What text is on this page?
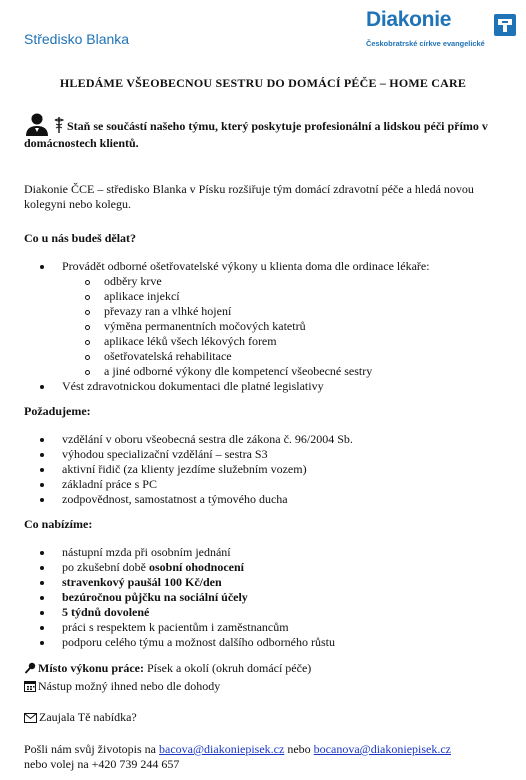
Středisko Blanka
Diakonie
Českobratrské církve evangelické
HLEDÁME VŠEOBECNOU SESTRU DO DOMÁCÍ PÉČE – HOME CARE
Staň se součástí našeho týmu, který poskytuje profesionální a lidskou péči přímo v domácnostech klientů.
Diakonie ČCE – středisko Blanka v Písku rozšiřuje tým domácí zdravotní péče a hledá novou kolegyni nebo kolegu.
Co u nás budeš dělat?
Provádět odborné ošetřovatelské výkony u klienta doma dle ordinace lékaře:
odběry krve
aplikace injekcí
převazy ran a vlhké hojení
výměna permanentních močových katetrů
aplikace léků všech lékových forem
ošetřovatelská rehabilitace
a jiné odborné výkony dle kompetencí všeobecné sestry
Vést zdravotnickou dokumentaci dle platné legislativy
Požadujeme:
vzdělání v oboru všeobecná sestra dle zákona č. 96/2004 Sb.
výhodou specializační vzdělání – sestra S3
aktivní řidič (za klienty jezdíme služebním vozem)
základní práce s PC
zodpovědnost, samostatnost a týmového ducha
Co nabízíme:
nástupní mzda při osobním jednání
po zkušební době osobní ohodnocení
stravenkový paušál 100 Kč/den
bezúročnou půjčku na sociální účely
5 týdnů dovolené
práci s respektem k pacientům i zaměstnancům
podporu celého týmu a možnost dalšího odborného růstu
Místo výkonu práce: Písek a okolí (okruh domácí péče)
Nástup možný ihned nebo dle dohody
Zaujala Tě nabídka?
Pošli nám svůj životopis na bacova@diakoniepisek.cz nebo bocanova@diakoniepisek.cz
nebo volej na +420 739 244 657
